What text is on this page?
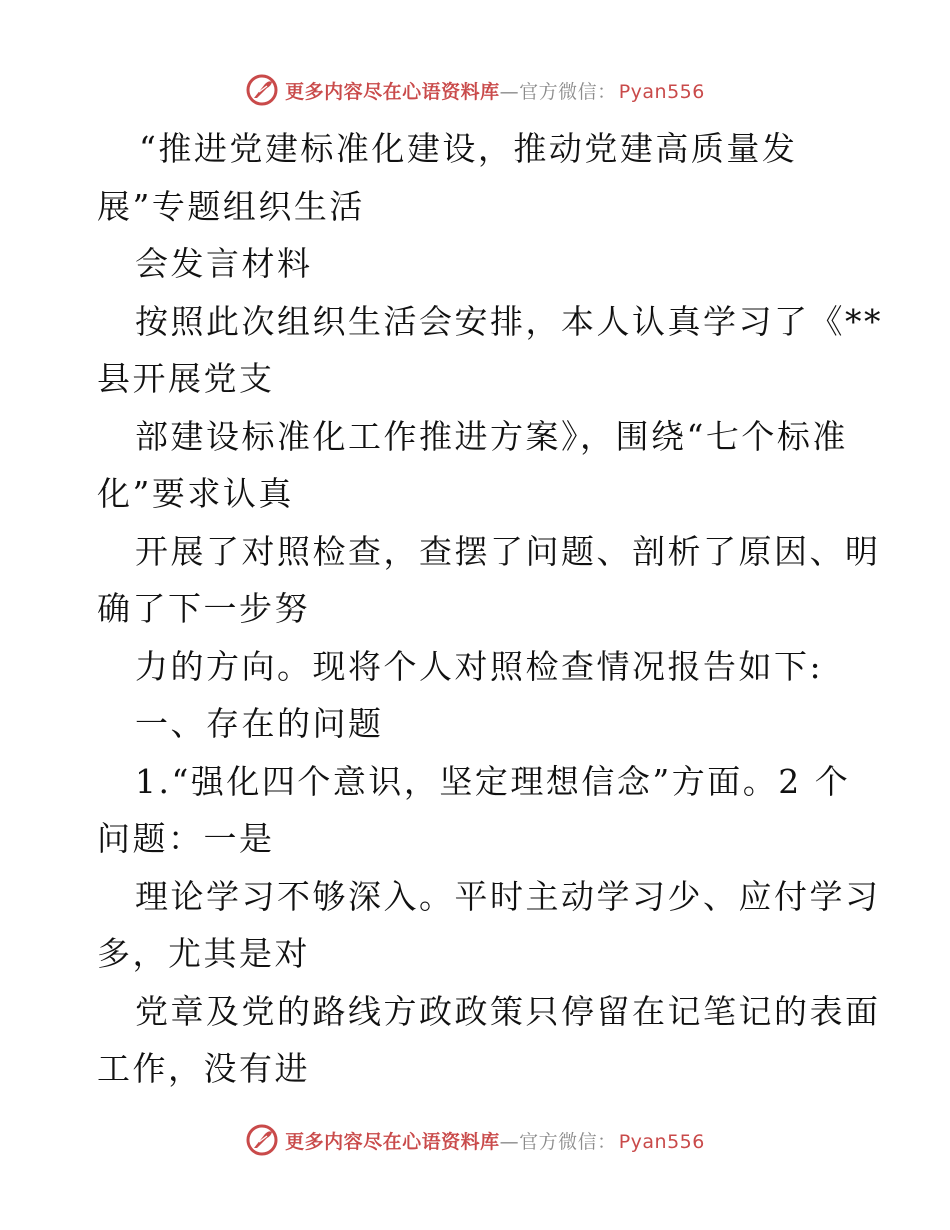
更多内容尽在心语资料库—官方微信： Pyan556
“推进党建标准化建设，推动党建高质量发
展”专题组织生活
会发言材料
按照此次组织生活会安排，本人认真学习了《**
县开展党支
部建设标准化工作推进方案》，围绕“七个标准
化”要求认真
开展了对照检查，查摆了问题、剖析了原因、明
确了下一步努
力的方向。现将个人对照检查情况报告如下:
一、存在的问题
1.“强化四个意识，坚定理想信念”方面。2 个
问题：一是
理论学习不够深入。平时主动学习少、应付学习
多，尤其是对
党章及党的路线方政政策只停留在记笔记的表面
工作，没有进
更多内容尽在心语资料库—官方微信： Pyan556
